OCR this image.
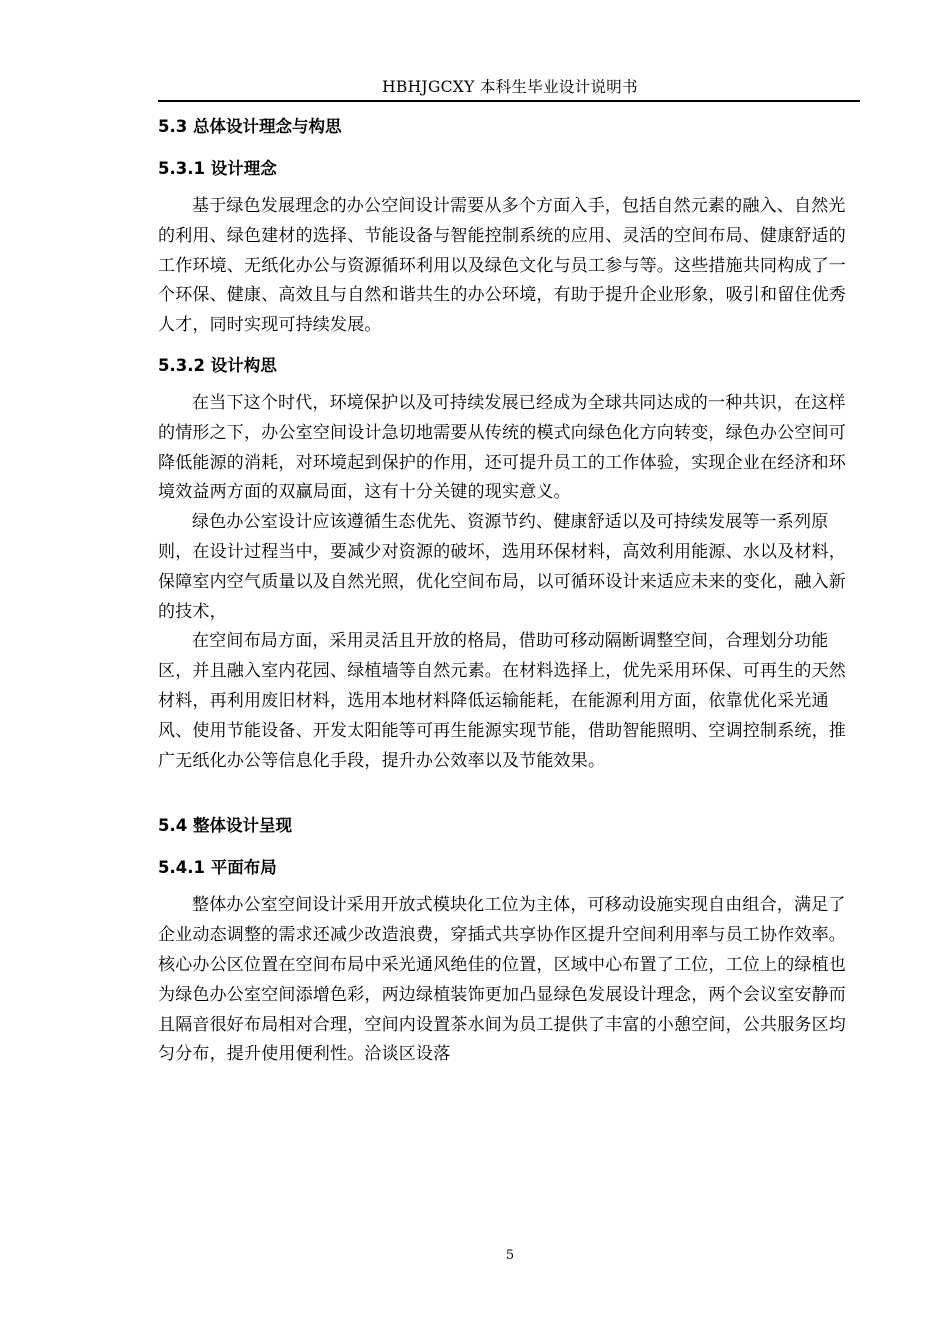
HBHJGCXY 本科生毕业设计说明书
5.3 总体设计理念与构思
5.3.1 设计理念

基于绿色发展理念的办公空间设计需要从多个方面入手，包括自然元素的融入、自然光的利用、绿色建材的选择、节能设备与智能控制系统的应用、灵活的空间布局、健康舒适的工作环境、无纸化办公与资源循环利用以及绿色文化与员工参与等。这些措施共同构成了一个环保、健康、高效且与自然和谐共生的办公环境，有助于提升企业形象，吸引和留住优秀人才，同时实现可持续发展。

5.3.2 设计构思

在当下这个时代，环境保护以及可持续发展已经成为全球共同达成的一种共识，在这样的情形之下，办公室空间设计急切地需要从传统的模式向绿色化方向转变，绿色办公空间可降低能源的消耗，对环境起到保护的作用，还可提升员工的工作体验，实现企业在经济和环境效益两方面的双赢局面，这有十分关键的现实意义。

绿色办公室设计应该遵循生态优先、资源节约、健康舒适以及可持续发展等一系列原则，在设计过程当中，要减少对资源的破坏，选用环保材料，高效利用能源、水以及材料，保障室内空气质量以及自然光照，优化空间布局，以可循环设计来适应未来的变化，融入新的技术，

在空间布局方面，采用灵活且开放的格局，借助可移动隔断调整空间，合理划分功能区，并且融入室内花园、绿植墙等自然元素。在材料选择上，优先采用环保、可再生的天然材料，再利用废旧材料，选用本地材料降低运输能耗，在能源利用方面，依靠优化采光通风、使用节能设备、开发太阳能等可再生能源实现节能，借助智能照明、空调控制系统，推广无纸化办公等信息化手段，提升办公效率以及节能效果。

5.4 整体设计呈现
5.4.1 平面布局

整体办公室空间设计采用开放式模块化工位为主体，可移动设施实现自由组合，满足了企业动态调整的需求还减少改造浪费，穿插式共享协作区提升空间利用率与员工协作效率。核心办公区位置在空间布局中采光通风绝佳的位置，区域中心布置了工位，工位上的绿植也为绿色办公室空间添增色彩，两边绿植装饰更加凸显绿色发展设计理念，两个会议室安静而且隔音很好布局相对合理，空间内设置茶水间为员工提供了丰富的小憩空间，公共服务区均匀分布，提升使用便利性。洽谈区设落

5
